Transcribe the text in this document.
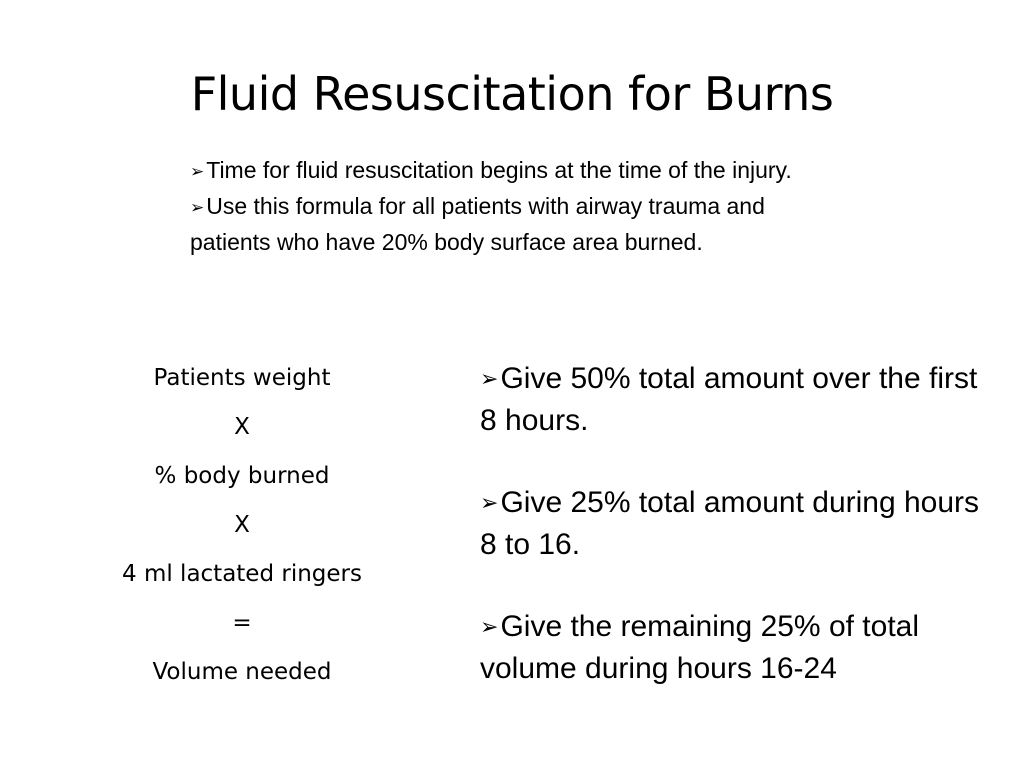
Fluid Resuscitation for Burns

➢Time for fluid resuscitation begins at the time of the injury.

➢Use this formula for all patients with airway trauma and patients who have 20% body surface area burned.

Patients weight
X
% body burned
X
4 ml lactated ringers
=
Volume needed

➢Give 50% total amount over the first 8 hours.

➢Give 25% total amount during hours 8 to 16.

➢Give the remaining 25% of total volume during hours 16-24
